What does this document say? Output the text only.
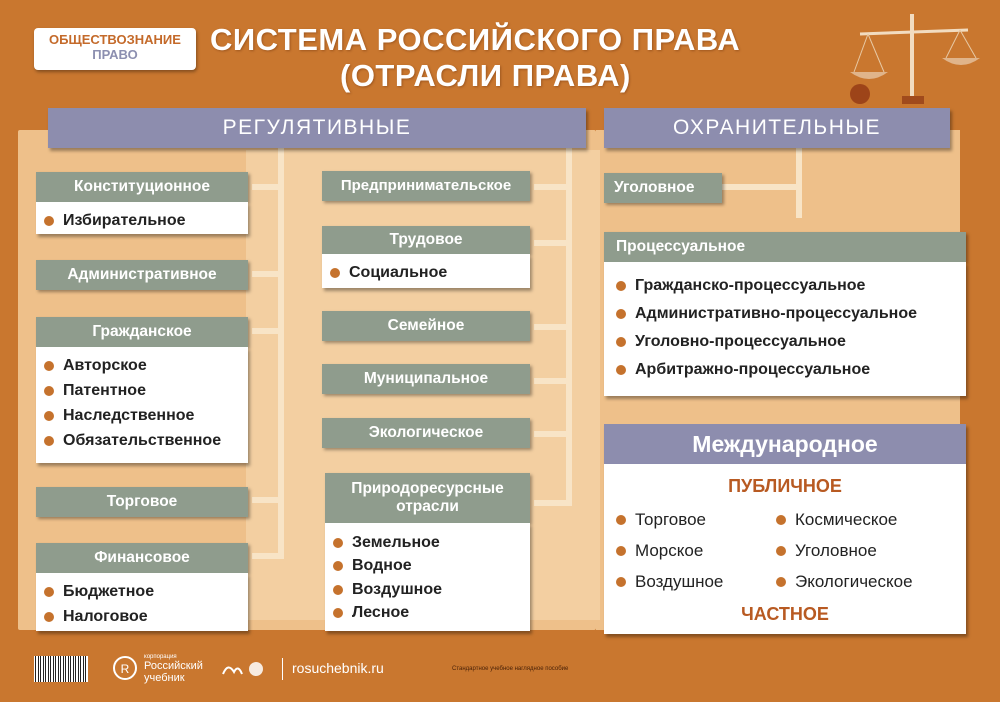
ОБЩЕСТВОЗНАНИЕ
ПРАВО	СИСТЕМА РОССИЙСКОГО ПРАВА
(ОТРАСЛИ ПРАВА)
РЕГУЛЯТИВНЫЕ	ОХРАНИТЕЛЬНЫЕ
Конституционное
Избирательное
Административное
Гражданское
Авторское
Патентное
Наследственное
Обязательственное
Торговое
Финансовое
Бюджетное
Налоговое
Предпринимательское
Трудовое
Социальное
Семейное
Муниципальное
Экологическое
Природоресурсные
отрасли
Земельное
Водное
Воздушное
Лесное
Уголовное
Процессуальное
Гражданско-процессуальное
Административно-процессуальное
Уголовно-процессуальное
Арбитражно-процессуальное
Международное
ПУБЛИЧНОЕ
Торговое
Морское
Воздушное
Космическое
Уголовное
Экологическое
ЧАСТНОЕ
R
корпорация
Российский
учебник
rosuchebnik.ru	Стандартное учебное наглядное пособие
